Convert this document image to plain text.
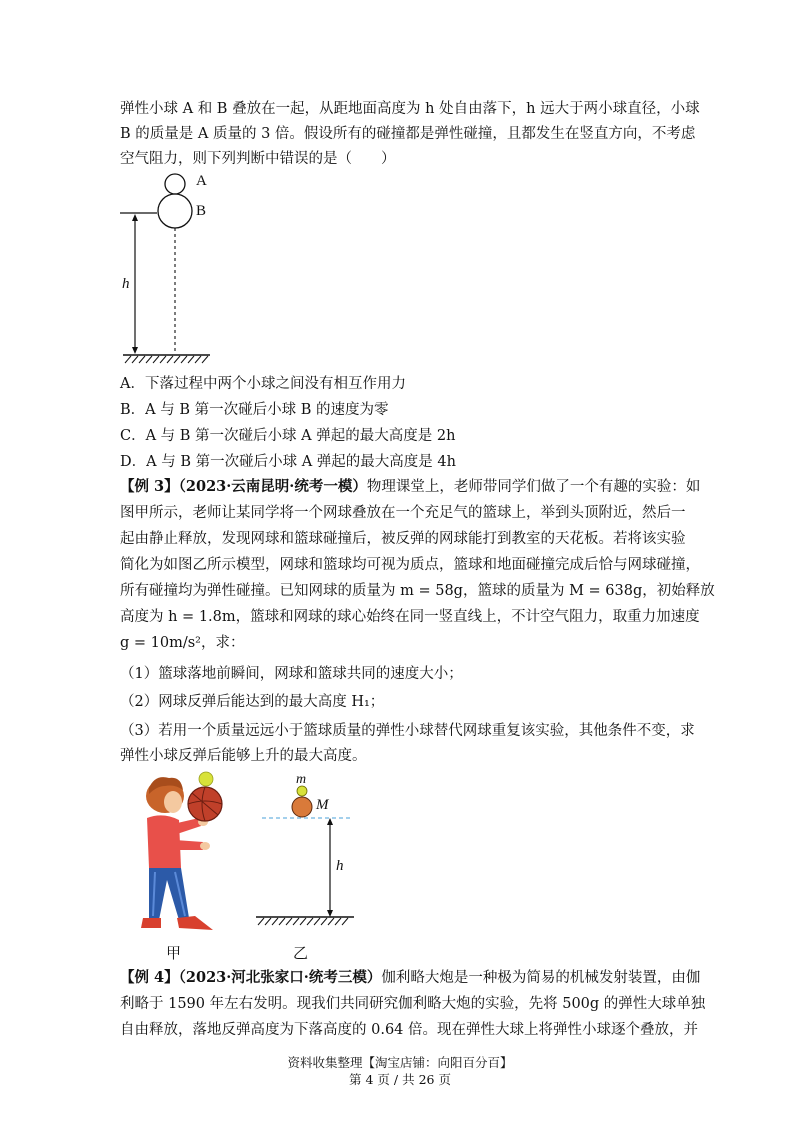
弹性小球 A 和 B 叠放在一起，从距地面高度为 h 处自由落下，h 远大于两小球直径，小球
B 的质量是 A 质量的 3 倍。假设所有的碰撞都是弹性碰撞，且都发生在竖直方向，不考虑
空气阻力，则下列判断中错误的是（　　）
A
B
h
A．下落过程中两个小球之间没有相互作用力
B．A 与 B 第一次碰后小球 B 的速度为零
C．A 与 B 第一次碰后小球 A 弹起的最大高度是 2h
D．A 与 B 第一次碰后小球 A 弹起的最大高度是 4h
【例 3】（2023·云南昆明·统考一模）物理课堂上，老师带同学们做了一个有趣的实验：如
图甲所示，老师让某同学将一个网球叠放在一个充足气的篮球上，举到头顶附近，然后一
起由静止释放，发现网球和篮球碰撞后，被反弹的网球能打到教室的天花板。若将该实验
简化为如图乙所示模型，网球和篮球均可视为质点，篮球和地面碰撞完成后恰与网球碰撞，
所有碰撞均为弹性碰撞。已知网球的质量为 m = 58g，篮球的质量为 M = 638g，初始释放
高度为 h = 1.8m，篮球和网球的球心始终在同一竖直线上，不计空气阻力，取重力加速度
g = 10m/s²，求：
（1）篮球落地前瞬间，网球和篮球共同的速度大小；
（2）网球反弹后能达到的最大高度 H₁；
（3）若用一个质量远远小于篮球质量的弹性小球替代网球重复该实验，其他条件不变，求
弹性小球反弹后能够上升的最大高度。
甲
m
M
h
乙
【例 4】（2023·河北张家口·统考三模）伽利略大炮是一种极为简易的机械发射装置，由伽
利略于 1590 年左右发明。现我们共同研究伽利略大炮的实验，先将 500g 的弹性大球单独
自由释放，落地反弹高度为下落高度的 0.64 倍。现在弹性大球上将弹性小球逐个叠放，并
资料收集整理【淘宝店铺：向阳百分百】
第 4 页 / 共 26 页
